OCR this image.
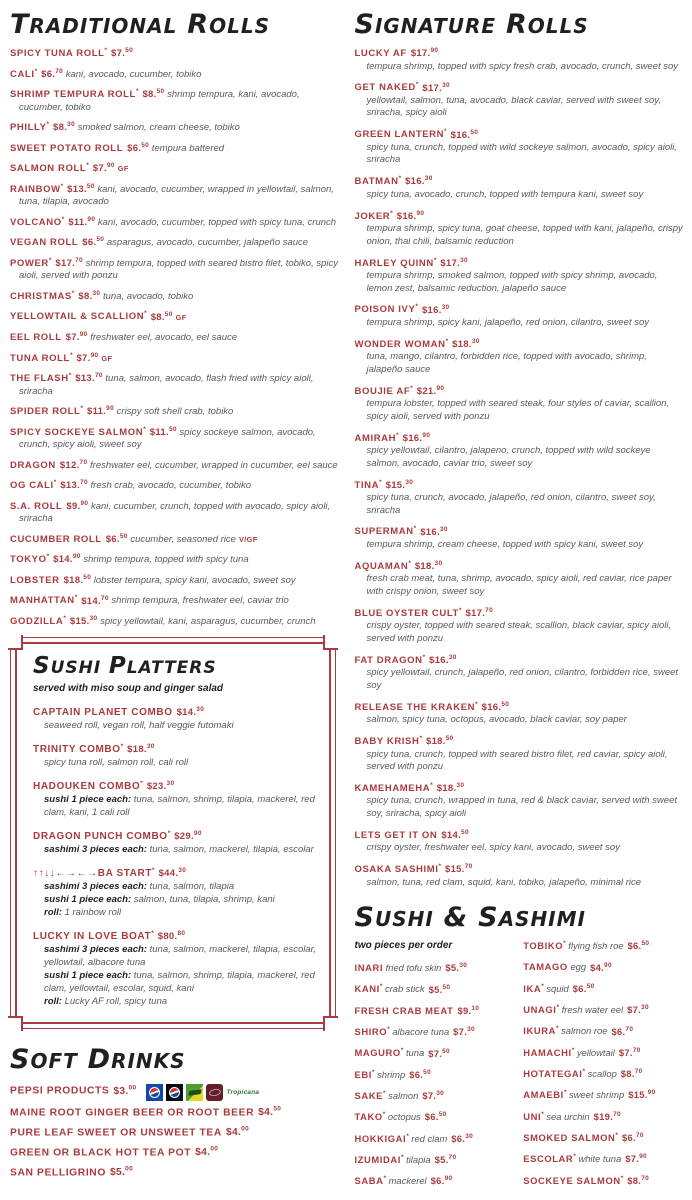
TRADITIONAL ROLLS
SPICY TUNA ROLL* $7.50
CALI* $6.70 kani, avocado, cucumber, tobiko
SHRIMP TEMPURA ROLL* $8.50 shrimp tempura, kani, avocado, cucumber, tobiko
PHILLY* $8.30 smoked salmon, cream cheese, tobiko
SWEET POTATO ROLL $6.50 tempura battered
SALMON ROLL* $7.90 GF
RAINBOW* $13.50 kani, avocado, cucumber, wrapped in yellowtail, salmon, tuna, tilapia, avocado
VOLCANO* $11.90 kani, avocado, cucumber, topped with spicy tuna, crunch
VEGAN ROLL $6.50 asparagus, avocado, cucumber, jalapeño sauce
POWER* $17.70 shrimp tempura, topped with seared bistro filet, tobiko, spicy aioli, served with ponzu
CHRISTMAS* $8.30 tuna, avocado, tobiko
YELLOWTAIL & SCALLION* $8.50 GF
EEL ROLL $7.90 freshwater eel, avocado, eel sauce
TUNA ROLL* $7.90 GF
THE FLASH* $13.70 tuna, salmon, avocado, flash fried with spicy aioli, sriracha
SPIDER ROLL* $11.90 crispy soft shell crab, tobiko
SPICY SOCKEYE SALMON* $11.50 spicy sockeye salmon, avocado, crunch, spicy aioli, sweet soy
DRAGON $12.70 freshwater eel, cucumber, wrapped in cucumber, eel sauce
OG CALI* $13.70 fresh crab, avocado, cucumber, tobiko
S.A. ROLL $9.90 kani, cucumber, crunch, topped with avocado, spicy aioli, sriracha
CUCUMBER ROLL $6.50 cucumber, seasoned rice V/GF
TOKYO* $14.90 shrimp tempura, topped with spicy tuna
LOBSTER $18.50 lobster tempura, spicy kani, avocado, sweet soy
MANHATTAN* $14.70 shrimp tempura, freshwater eel, caviar trio
GODZILLA* $15.30 spicy yellowtail, kani, asparagus, cucumber, crunch
SUSHI PLATTERS
served with miso soup and ginger salad
CAPTAIN PLANET COMBO $14.30
seaweed roll, vegan roll, half veggie futomaki
TRINITY COMBO* $18.30
spicy tuna roll, salmon roll, cali roll
HADOUKEN COMBO* $23.30
sushi 1 piece each: tuna, salmon, shrimp, tilapia, mackerel, red clam, kani, 1 cali roll
DRAGON PUNCH COMBO* $29.90
sashimi 3 pieces each: tuna, salmon, mackerel, tilapia, escolar
↑↑↓↓←→←→BA START* $44.30
sashimi 3 pieces each: tuna, salmon, tilapia
sushi 1 piece each: salmon, tuna, tilapia, shrimp, kani
roll: 1 rainbow roll
LUCKY IN LOVE BOAT* $80.80
sashimi 3 pieces each: tuna, salmon, mackerel, tilapia, escolar, yellowtail, albacore tuna
sushi 1 piece each: tuna, salmon, shrimp, tilapia, mackerel, red clam, yellowtail, escolar, squid, kani
roll: Lucky AF roll, spicy tuna
SOFT DRINKS
PEPSI PRODUCTS $3.00
Tropicana
MAINE ROOT GINGER BEER OR ROOT BEER $4.50
PURE LEAF SWEET OR UNSWEET TEA $4.00
GREEN OR BLACK HOT TEA POT $4.00
SAN PELLIGRINO $5.00
SIGNATURE ROLLS
LUCKY AF $17.90
tempura shrimp, topped with spicy fresh crab, avocado, crunch, sweet soy
GET NAKED* $17.30
yellowtail, salmon, tuna, avocado, black caviar, served with sweet soy, sriracha, spicy aioli
GREEN LANTERN* $16.50
spicy tuna, crunch, topped with wild sockeye salmon, avocado, spicy aioli, sriracha
BATMAN* $16.30
spicy tuna, avocado, crunch, topped with tempura kani, sweet soy
JOKER* $16.90
tempura shrimp, spicy tuna, goat cheese, topped with kani, jalapeño, crispy onion, thai chili, balsamic reduction
HARLEY QUINN* $17.30
tempura shrimp, smoked salmon, topped with spicy shrimp, avocado, lemon zest, balsamic reduction, jalapeño sauce
POISON IVY* $16.30
tempura shrimp, spicy kani, jalapeño, red onion, cilantro, sweet soy
WONDER WOMAN* $18.30
tuna, mango, cilantro, forbidden rice, topped with avocado, shrimp, jalapeño sauce
BOUJIE AF* $21.90
tempura lobster, topped with seared steak, four styles of caviar, scallion, spicy aioli, served with ponzu
AMIRAH* $16.90
spicy yellowtail, cilantro, jalapeno, crunch, topped with wild sockeye salmon, avocado, caviar trio, sweet soy
TINA* $15.30
spicy tuna, crunch, avocado, jalapeño, red onion, cilantro, sweet soy, sriracha
SUPERMAN* $16.30
tempura shrimp, cream cheese, topped with spicy kani, sweet soy
AQUAMAN* $18.30
fresh crab meat, tuna, shrimp, avocado, spicy aioli, red caviar, rice paper with crispy onion, sweet soy
BLUE OYSTER CULT* $17.70
crispy oyster, topped with seared steak, scallion, black caviar, spicy aioli, served with ponzu
FAT DRAGON* $16.30
spicy yellowtail, crunch, jalapeño, red onion, cilantro, forbidden rice, sweet soy
RELEASE THE KRAKEN* $16.50
salmon, spicy tuna, octopus, avocado, black caviar, soy paper
BABY KRISH* $18.50
spicy tuna, crunch, topped with seared bistro filet, red caviar, spicy aioli, served with ponzu
KAMEHAMEHA* $18.30
spicy tuna, crunch, wrapped in tuna, red & black caviar, served with sweet soy, sriracha, spicy aioli
LETS GET IT ON $14.50
crispy oyster, freshwater eel, spicy kani, avocado, sweet soy
OSAKA SASHIMI* $15.70
salmon, tuna, red clam, squid, kani, tobiko, jalapeño, minimal rice
SUSHI & SASHIMI
two pieces per order
INARI fried tofu skin $5.30
KANI* crab stick $5.50
FRESH CRAB MEAT $9.10
SHIRO* albacore tuna $7.30
MAGURO* tuna $7.50
EBI* shrimp $6.50
SAKE* salmon $7.30
TAKO* octopus $6.50
HOKKIGAI* red clam $6.30
IZUMIDAI* tilapia $5.70
SABA* mackerel $6.90
TOBIKO* flying fish roe $6.50
TAMAGO egg $4.90
IKA* squid $6.50
UNAGI* fresh water eel $7.30
IKURA* salmon roe $6.70
HAMACHI* yellowtail $7.70
HOTATEGAI* scallop $8.70
AMAEBI* sweet shrimp $15.90
UNI* sea urchin $19.70
SMOKED SALMON* $6.70
ESCOLAR* white tuna $7.90
SOCKEYE SALMON* $8.70
